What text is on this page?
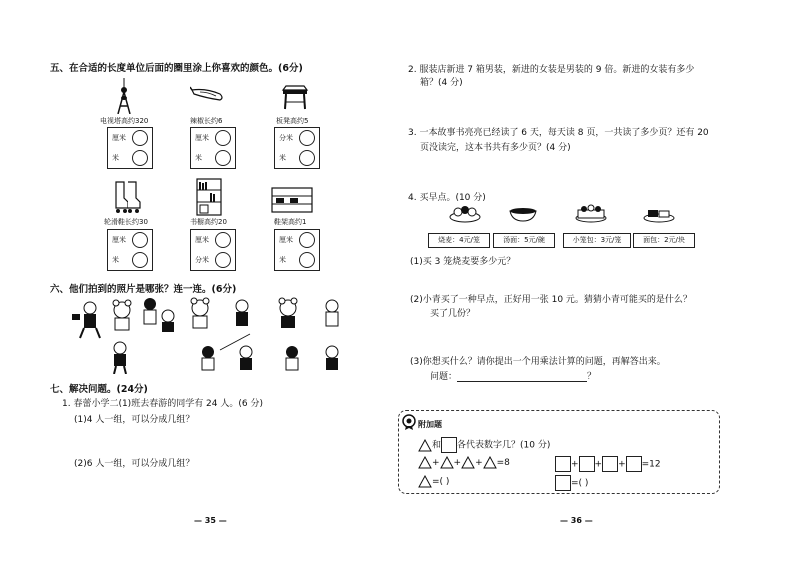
五、在合适的长度单位后面的圈里涂上你喜欢的颜色。(6分)
电视塔高约320	辣椒长约6	板凳高约5
厘米
米
厘米
米
分米
米
轮滑鞋长约30	书橱高约20	鞋架高约1
厘米
米
厘米
分米
厘米
米
六、他们拍到的照片是哪张？连一连。(6分)
七、解决问题。(24分)
1. 春蕾小学二(1)班去春游的同学有 24 人。(6 分)
(1)4 人一组，可以分成几组？
(2)6 人一组，可以分成几组？
— 35 —
2. 服装店新进 7 箱男装，新进的女装是男装的 9 倍。新进的女装有多少
箱？(4 分)
3. 一本故事书亮亮已经读了 6 天，每天读 8 页，一共读了多少页？还有 20
页没读完，这本书共有多少页？(4 分)
4. 买早点。(10 分)
烧麦：4元/笼	汤面：5元/碗	小笼包：3元/笼	面包：2元/块
(1)买 3 笼烧麦要多少元？
(2)小青买了一种早点，正好用一张 10 元。猜猜小青可能买的是什么？
买了几份？
(3)你想买什么？请你提出一个用乘法计算的问题，再解答出来。
问题：	？
附加题
和 各代表数字几？(10 分)
+ + + =8	+ + + =12
=( )	=( )
— 36 —
